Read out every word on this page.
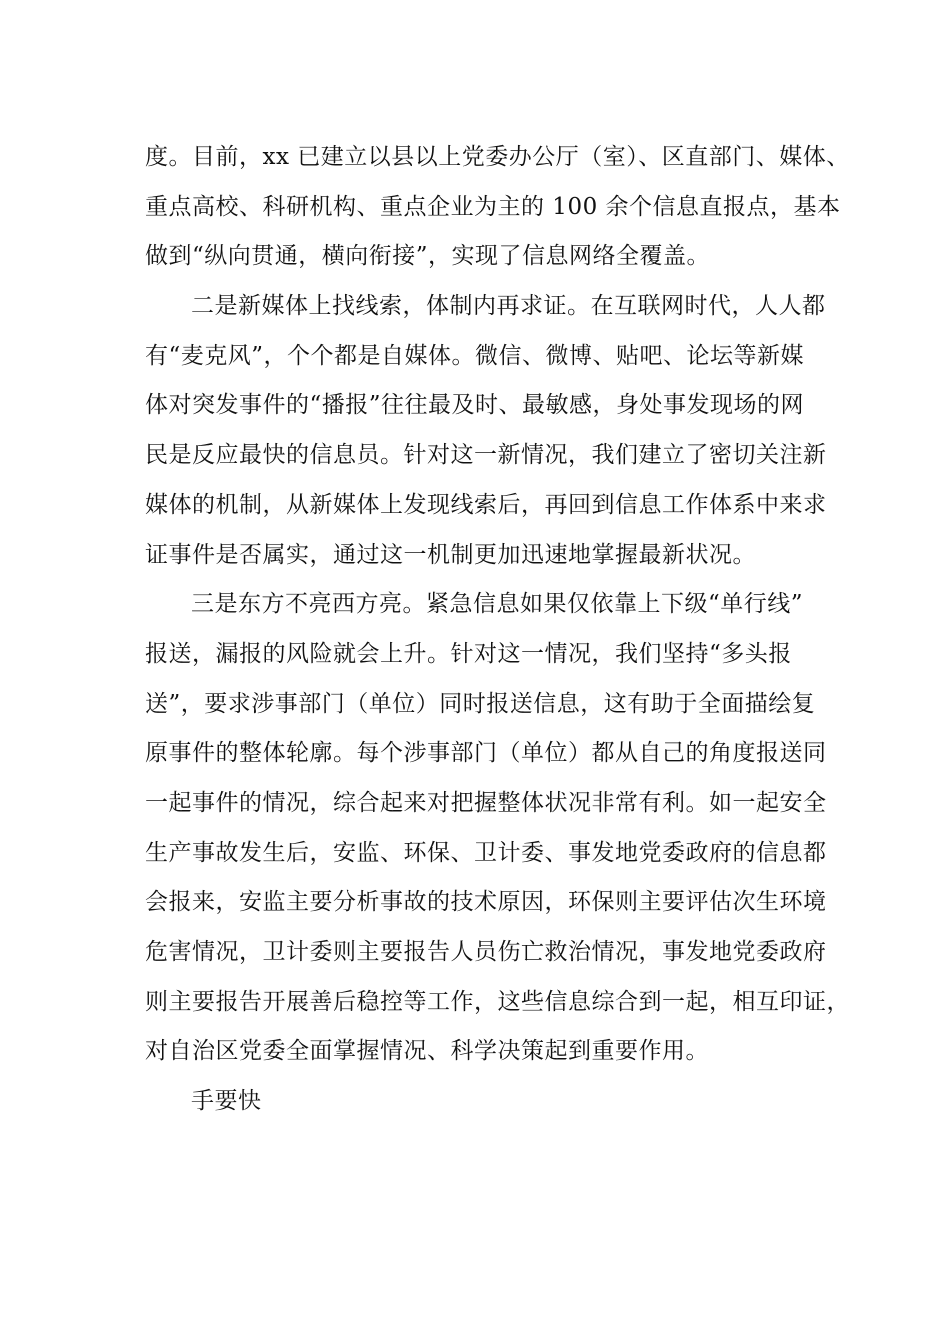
度。目前，xx 已建立以县以上党委办公厅（室）、区直部门、媒体、
重点高校、科研机构、重点企业为主的 100 余个信息直报点，基本
做到“纵向贯通，横向衔接”，实现了信息网络全覆盖。
二是新媒体上找线索，体制内再求证。在互联网时代，人人都
有“麦克风”，个个都是自媒体。微信、微博、贴吧、论坛等新媒
体对突发事件的“播报”往往最及时、最敏感，身处事发现场的网
民是反应最快的信息员。针对这一新情况，我们建立了密切关注新
媒体的机制，从新媒体上发现线索后，再回到信息工作体系中来求
证事件是否属实，通过这一机制更加迅速地掌握最新状况。
三是东方不亮西方亮。紧急信息如果仅依靠上下级“单行线”
报送，漏报的风险就会上升。针对这一情况，我们坚持“多头报
送”，要求涉事部门（单位）同时报送信息，这有助于全面描绘复
原事件的整体轮廓。每个涉事部门（单位）都从自己的角度报送同
一起事件的情况，综合起来对把握整体状况非常有利。如一起安全
生产事故发生后，安监、环保、卫计委、事发地党委政府的信息都
会报来，安监主要分析事故的技术原因，环保则主要评估次生环境
危害情况，卫计委则主要报告人员伤亡救治情况，事发地党委政府
则主要报告开展善后稳控等工作，这些信息综合到一起，相互印证，
对自治区党委全面掌握情况、科学决策起到重要作用。
手要快
